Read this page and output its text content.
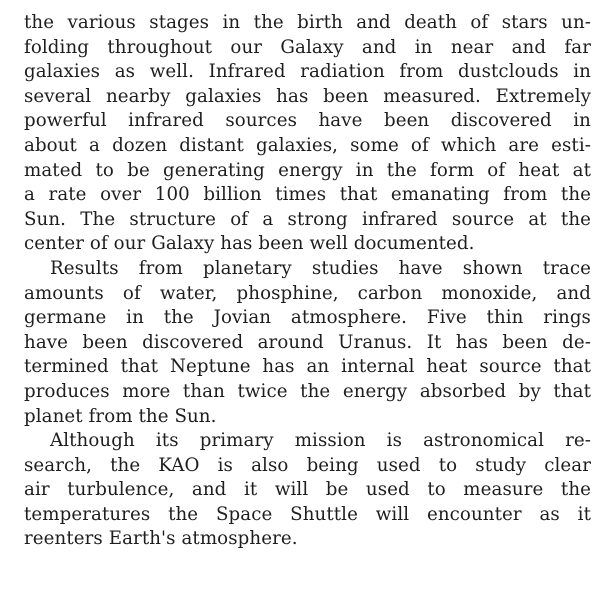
the various stages in the birth and death of stars un-
folding throughout our Galaxy and in near and far
galaxies as well. Infrared radiation from dustclouds in
several nearby galaxies has been measured. Extremely
powerful infrared sources have been discovered in
about a dozen distant galaxies, some of which are esti-
mated to be generating energy in the form of heat at
a rate over 100 billion times that emanating from the
Sun. The structure of a strong infrared source at the
center of our Galaxy has been well documented.
Results from planetary studies have shown trace
amounts of water, phosphine, carbon monoxide, and
germane in the Jovian atmosphere. Five thin rings
have been discovered around Uranus. It has been de-
termined that Neptune has an internal heat source that
produces more than twice the energy absorbed by that
planet from the Sun.
Although its primary mission is astronomical re-
search, the KAO is also being used to study clear
air turbulence, and it will be used to measure the
temperatures the Space Shuttle will encounter as it
reenters Earth's atmosphere.
